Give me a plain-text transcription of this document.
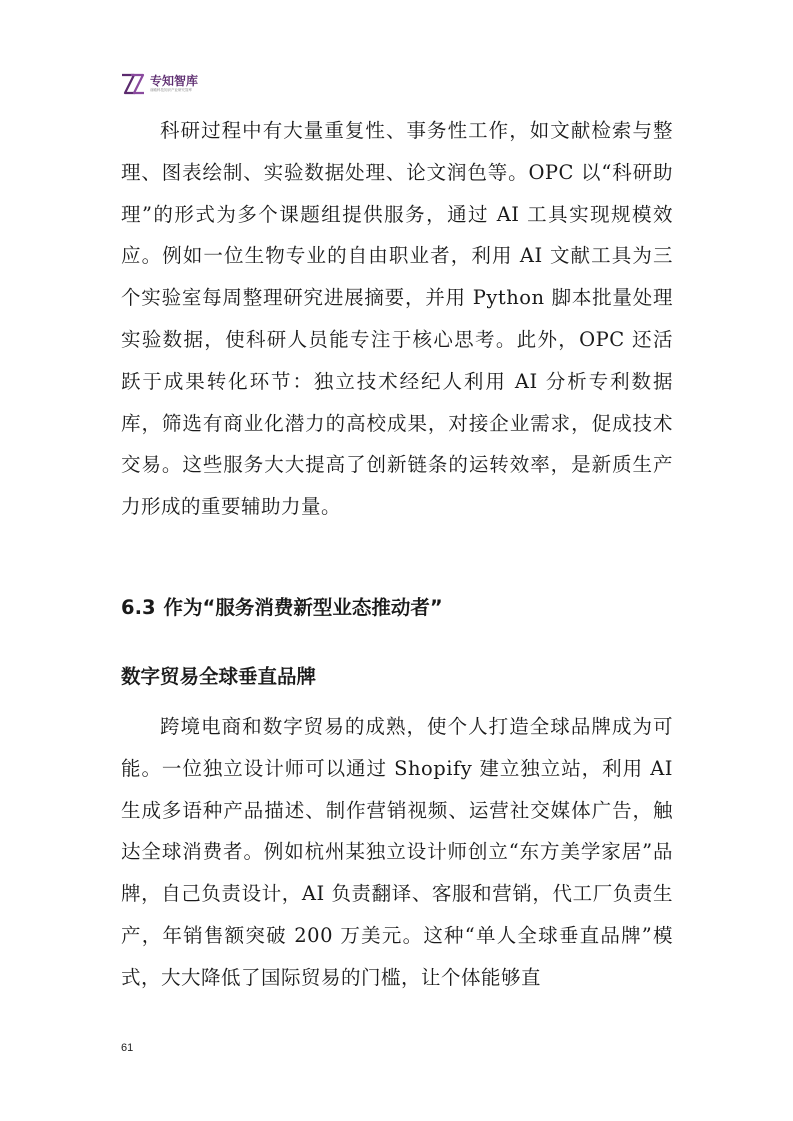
专知智库
前瞻科技知识产业研究智库

科研过程中有大量重复性、事务性工作，如文献检索与整理、图表绘制、实验数据处理、论文润色等。OPC 以“科研助理”的形式为多个课题组提供服务，通过 AI 工具实现规模效应。例如一位生物专业的自由职业者，利用 AI 文献工具为三个实验室每周整理研究进展摘要，并用 Python 脚本批量处理实验数据，使科研人员能专注于核心思考。此外，OPC 还活跃于成果转化环节：独立技术经纪人利用 AI 分析专利数据库，筛选有商业化潜力的高校成果，对接企业需求，促成技术交易。这些服务大大提高了创新链条的运转效率，是新质生产力形成的重要辅助力量。

6.3 作为“服务消费新型业态推动者”
数字贸易全球垂直品牌

跨境电商和数字贸易的成熟，使个人打造全球品牌成为可能。一位独立设计师可以通过 Shopify 建立独立站，利用 AI 生成多语种产品描述、制作营销视频、运营社交媒体广告，触达全球消费者。例如杭州某独立设计师创立“东方美学家居”品牌，自己负责设计，AI 负责翻译、客服和营销，代工厂负责生产，年销售额突破 200 万美元。这种“单人全球垂直品牌”模式，大大降低了国际贸易的门槛，让个体能够直

61
